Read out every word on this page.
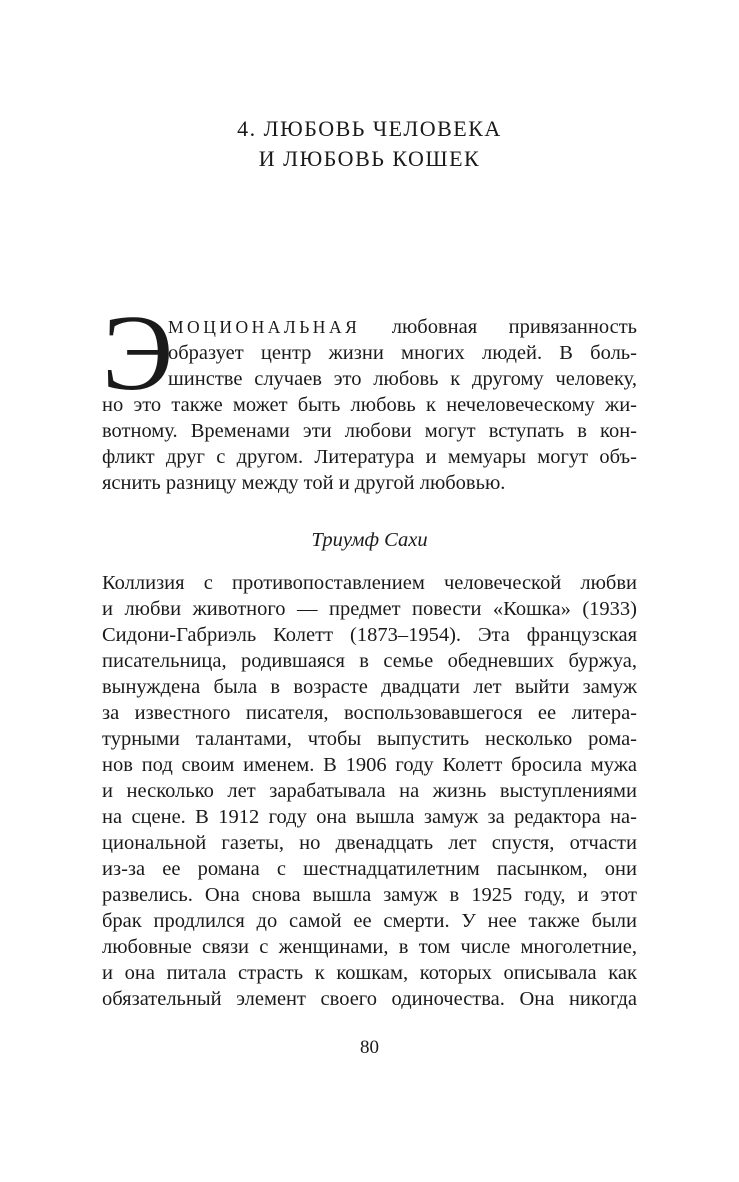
4. ЛЮБОВЬ ЧЕЛОВЕКА
И ЛЮБОВЬ КОШЕК
Э
МОЦИОНАЛЬНАЯ любовная привязанность
образует центр жизни многих людей. В боль-
шинстве случаев это любовь к другому человеку,
но это также может быть любовь к нечеловеческому жи-
вотному. Временами эти любови могут вступать в кон-
фликт друг с другом. Литература и мемуары могут объ-
яснить разницу между той и другой любовью.
Триумф Сахи
Коллизия с противопоставлением человеческой любви
и любви животного — предмет повести «Кошка» (1933)
Сидони-Габриэль Колетт (1873–1954). Эта французская
писательница, родившаяся в семье обедневших буржуа,
вынуждена была в возрасте двадцати лет выйти замуж
за известного писателя, воспользовавшегося ее литера-
турными талантами, чтобы выпустить несколько рома-
нов под своим именем. В 1906 году Колетт бросила мужа
и несколько лет зарабатывала на жизнь выступлениями
на сцене. В 1912 году она вышла замуж за редактора на-
циональной газеты, но двенадцать лет спустя, отчасти
из-за ее романа с шестнадцатилетним пасынком, они
развелись. Она снова вышла замуж в 1925 году, и этот
брак продлился до самой ее смерти. У нее также были
любовные связи с женщинами, в том числе многолетние,
и она питала страсть к кошкам, которых описывала как
обязательный элемент своего одиночества. Она никогда
80
